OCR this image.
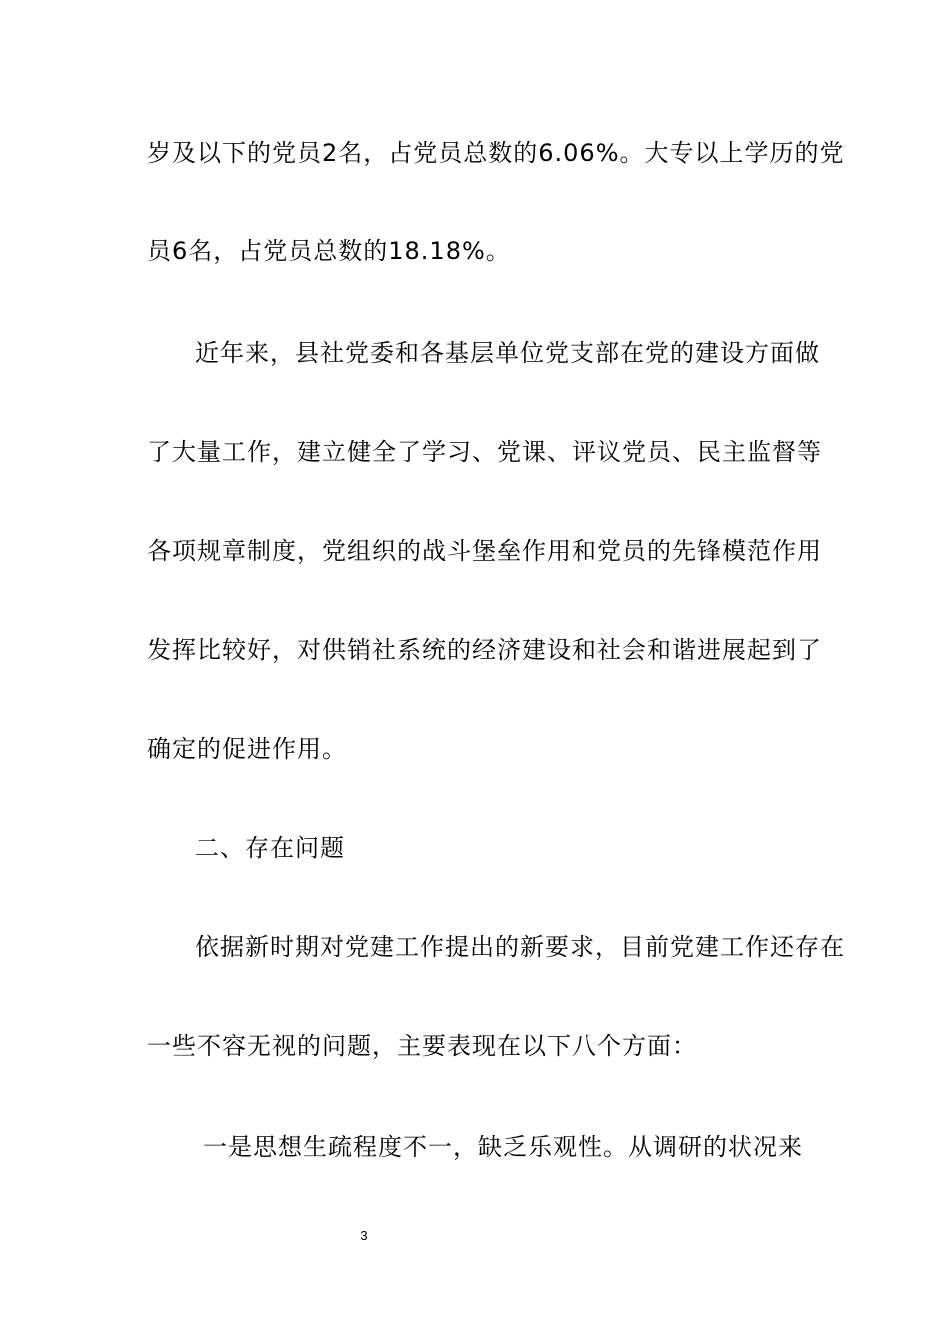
岁及以下的党员2名，占党员总数的6.06%。大专以上学历的党
员6名，占党员总数的18.18%。
近年来，县社党委和各基层单位党支部在党的建设方面做
了大量工作，建立健全了学习、党课、评议党员、民主监督等
各项规章制度，党组织的战斗堡垒作用和党员的先锋模范作用
发挥比较好，对供销社系统的经济建设和社会和谐进展起到了
确定的促进作用。
二、存在问题
依据新时期对党建工作提出的新要求，目前党建工作还存在
一些不容无视的问题，主要表现在以下八个方面：
一是思想生疏程度不一，缺乏乐观性。从调研的状况来
3
